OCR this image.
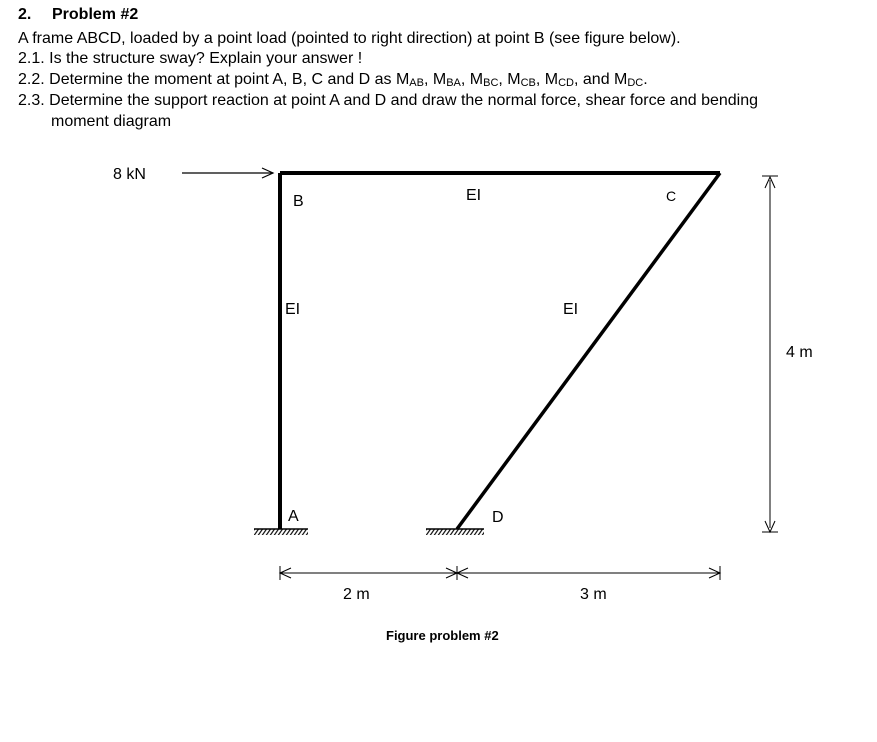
2. Problem #2
A frame ABCD, loaded by a point load (pointed to right direction) at point B (see figure below).
2.1. Is the structure sway? Explain your answer !
2.2. Determine the moment at point A, B, C and D as $M_{AB}$, $M_{BA}$, $M_{BC}$, $M_{CB}$, $M_{CD}$, and $M_{DC}$.
2.3. Determine the support reaction at point A and D and draw the normal force, shear force and bending
moment diagram
8 kN
B	C
A	D
EI
EI	EI
4 m
2 m	3 m
Figure problem #2
